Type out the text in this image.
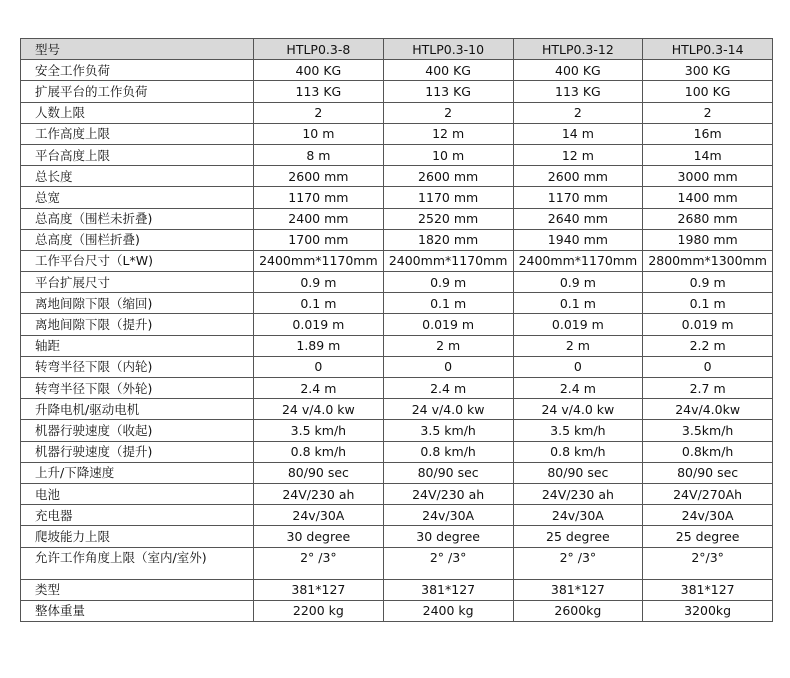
型号	HTLP0.3-8	HTLP0.3-10	HTLP0.3-12	HTLP0.3-14
安全工作负荷	400 KG	400 KG	400 KG	300 KG
扩展平台的工作负荷	113 KG	113 KG	113 KG	100 KG
人数上限	2	2	2	2
工作高度上限	10 m	12 m	14 m	16m
平台高度上限	8 m	10 m	12 m	14m
总长度	2600 mm	2600 mm	2600 mm	3000 mm
总宽	1170 mm	1170 mm	1170 mm	1400 mm
总高度（围栏未折叠)	2400 mm	2520 mm	2640 mm	2680 mm
总高度（围栏折叠)	1700 mm	1820 mm	1940 mm	1980 mm
工作平台尺寸（L*W)	2400mm*1170mm	2400mm*1170mm	2400mm*1170mm	2800mm*1300mm
平台扩展尺寸	0.9 m	0.9 m	0.9 m	0.9 m
离地间隙下限（缩回)	0.1 m	0.1 m	0.1 m	0.1 m
离地间隙下限（提升)	0.019 m	0.019 m	0.019 m	0.019 m
轴距	1.89 m	2 m	2 m	2.2 m
转弯半径下限（内轮)	0	0	0	0
转弯半径下限（外轮)	2.4 m	2.4 m	2.4 m	2.7 m
升降电机/驱动电机	24 v/4.0 kw	24 v/4.0 kw	24 v/4.0 kw	24v/4.0kw
机器行驶速度（收起)	3.5 km/h	3.5 km/h	3.5 km/h	3.5km/h
机器行驶速度（提升)	0.8 km/h	0.8 km/h	0.8 km/h	0.8km/h
上升/下降速度	80/90 sec	80/90 sec	80/90 sec	80/90 sec
电池	24V/230 ah	24V/230 ah	24V/230 ah	24V/270Ah
充电器	24v/30A	24v/30A	24v/30A	24v/30A
爬坡能力上限	30 degree	30 degree	25 degree	25 degree
允许工作角度上限（室内/室外)	2° /3°	2° /3°	2° /3°	2°/3°
类型	381*127	381*127	381*127	381*127
整体重量	2200 kg	2400 kg	2600kg	3200kg
